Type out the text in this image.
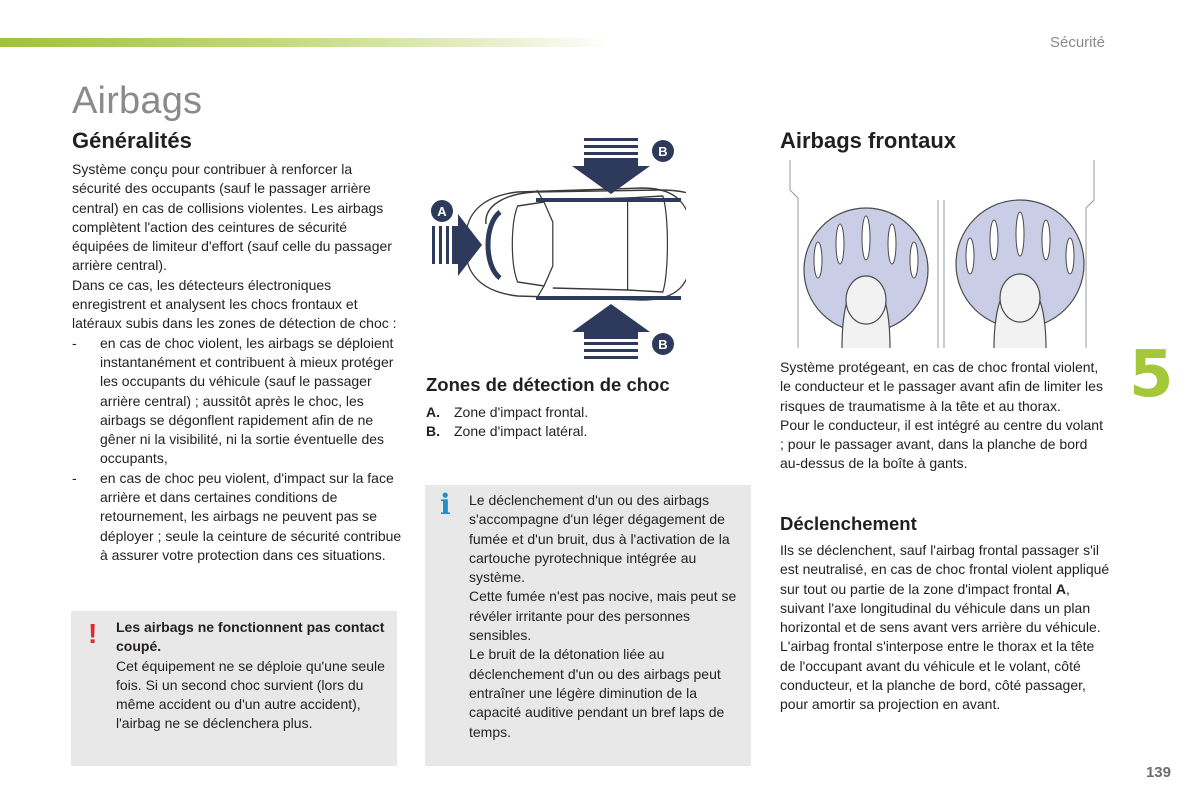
Sécurité
Airbags
Généralités

Système conçu pour contribuer à renforcer la sécurité des occupants (sauf le passager arrière central) en cas de collisions violentes. Les airbags complètent l'action des ceintures de sécurité équipées de limiteur d'effort (sauf celle du passager arrière central).

Dans ce cas, les détecteurs électroniques enregistrent et analysent les chocs frontaux et latéraux subis dans les zones de détection de choc :

- en cas de choc violent, les airbags se déploient instantanément et contribuent à mieux protéger les occupants du véhicule (sauf le passager arrière central) ; aussitôt après le choc, les airbags se dégonflent rapidement afin de ne gêner ni la visibilité, ni la sortie éventuelle des occupants,
- en cas de choc peu violent, d'impact sur la face arrière et dans certaines conditions de retournement, les airbags ne peuvent pas se déployer ; seule la ceinture de sécurité contribue à assurer votre protection dans ces situations.
! Les airbags ne fonctionnent pas contact coupé.
Cet équipement ne se déploie qu'une seule fois. Si un second choc survient (lors du même accident ou d'un autre accident), l'airbag ne se déclenchera plus.
A
B
B
Zones de détection de choc
A. Zone d'impact frontal.
B. Zone d'impact latéral.
i Le déclenchement d'un ou des airbags s'accompagne d'un léger dégagement de fumée et d'un bruit, dus à l'activation de la cartouche pyrotechnique intégrée au système.
Cette fumée n'est pas nocive, mais peut se révéler irritante pour des personnes sensibles.
Le bruit de la détonation liée au déclenchement d'un ou des airbags peut entraîner une légère diminution de la capacité auditive pendant un bref laps de temps.
Airbags frontaux
Système protégeant, en cas de choc frontal violent, le conducteur et le passager avant afin de limiter les risques de traumatisme à la tête et au thorax.
Pour le conducteur, il est intégré au centre du volant ; pour le passager avant, dans la planche de bord au-dessus de la boîte à gants.
Déclenchement
Ils se déclenchent, sauf l'airbag frontal passager s'il est neutralisé, en cas de choc frontal violent appliqué sur tout ou partie de la zone d'impact frontal A, suivant l'axe longitudinal du véhicule dans un plan horizontal et de sens avant vers arrière du véhicule.
L'airbag frontal s'interpose entre le thorax et la tête de l'occupant avant du véhicule et le volant, côté conducteur, et la planche de bord, côté passager, pour amortir sa projection en avant.
5
139
